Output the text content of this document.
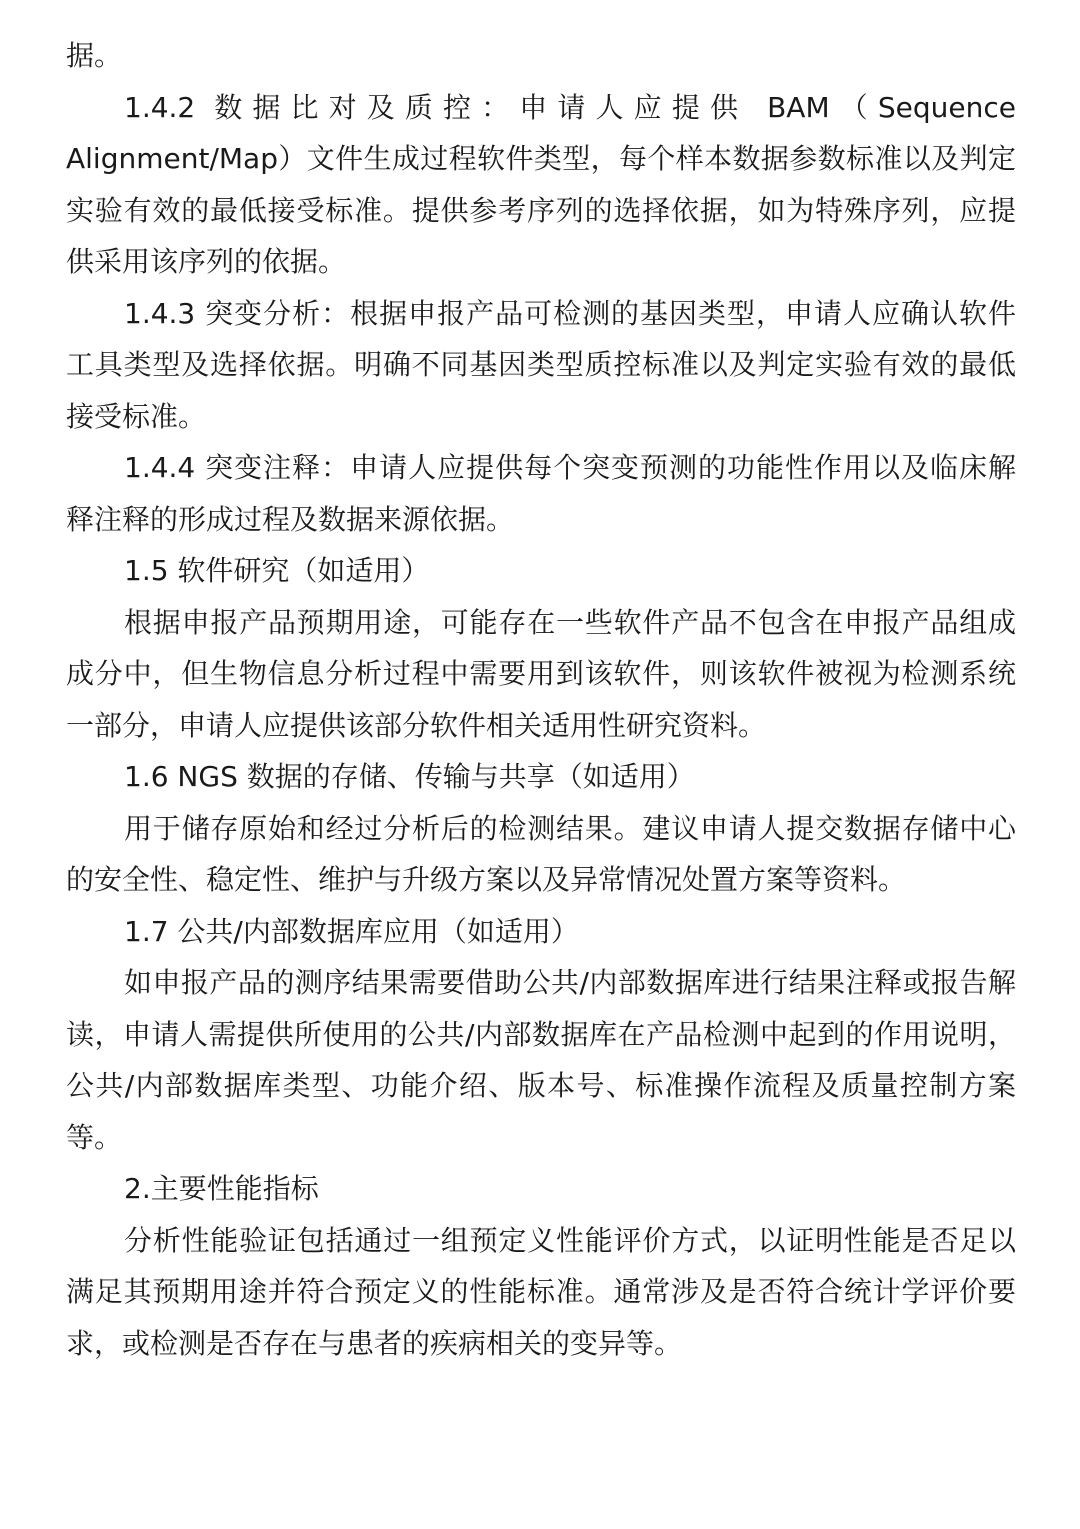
据。

1.4.2 数据比对及质控：申请人应提供 BAM（Sequence Alignment/Map）文件生成过程软件类型，每个样本数据参数标准以及判定实验有效的最低接受标准。提供参考序列的选择依据，如为特殊序列，应提供采用该序列的依据。

1.4.3 突变分析：根据申报产品可检测的基因类型，申请人应确认软件工具类型及选择依据。明确不同基因类型质控标准以及判定实验有效的最低接受标准。

1.4.4 突变注释：申请人应提供每个突变预测的功能性作用以及临床解释注释的形成过程及数据来源依据。

1.5 软件研究（如适用）

根据申报产品预期用途，可能存在一些软件产品不包含在申报产品组成成分中，但生物信息分析过程中需要用到该软件，则该软件被视为检测系统一部分，申请人应提供该部分软件相关适用性研究资料。

1.6 NGS 数据的存储、传输与共享（如适用）

用于储存原始和经过分析后的检测结果。建议申请人提交数据存储中心的安全性、稳定性、维护与升级方案以及异常情况处置方案等资料。

1.7 公共/内部数据库应用（如适用）

如申报产品的测序结果需要借助公共/内部数据库进行结果注释或报告解读，申请人需提供所使用的公共/内部数据库在产品检测中起到的作用说明，公共/内部数据库类型、功能介绍、版本号、标准操作流程及质量控制方案等。

2.主要性能指标

分析性能验证包括通过一组预定义性能评价方式，以证明性能是否足以满足其预期用途并符合预定义的性能标准。通常涉及是否符合统计学评价要求，或检测是否存在与患者的疾病相关的变异等。
